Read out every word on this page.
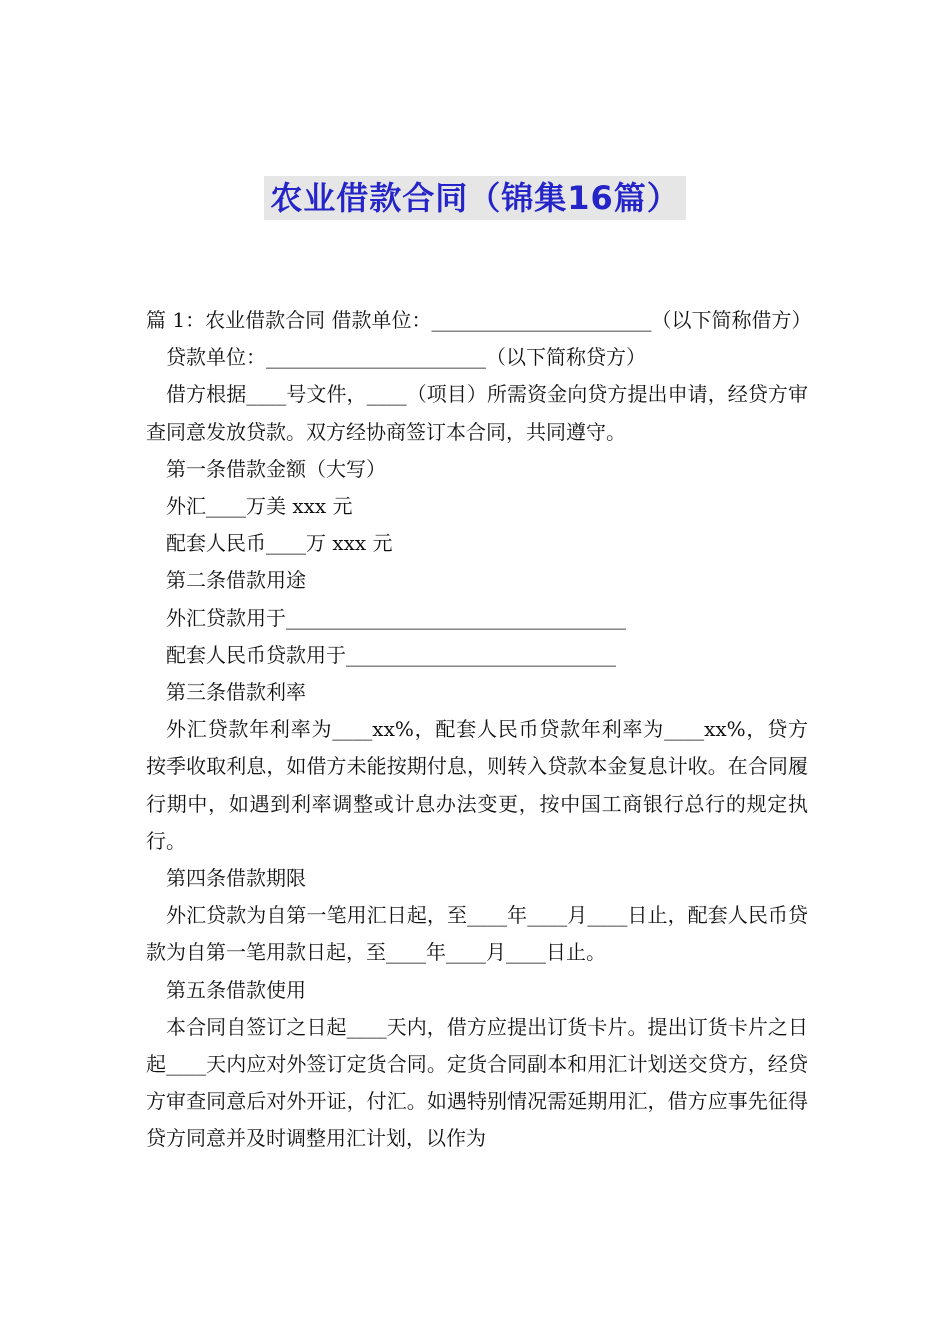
农业借款合同（锦集16篇）

篇 1：农业借款合同 借款单位：______________________（以下简称借方）

贷款单位：______________________（以下简称贷方）

借方根据____号文件，____（项目）所需资金向贷方提出申请，经贷方审查同意发放贷款。双方经协商签订本合同，共同遵守。

第一条借款金额（大写）

外汇____万美 xxx 元

配套人民币____万 xxx 元

第二条借款用途

外汇贷款用于__________________________________

配套人民币贷款用于___________________________

第三条借款利率

外汇贷款年利率为____xx%，配套人民币贷款年利率为____xx%，贷方按季收取利息，如借方未能按期付息，则转入贷款本金复息计收。在合同履行期中，如遇到利率调整或计息办法变更，按中国工商银行总行的规定执行。

第四条借款期限

外汇贷款为自第一笔用汇日起，至____年____月____日止，配套人民币贷款为自第一笔用款日起，至____年____月____日止。

第五条借款使用

本合同自签订之日起____天内，借方应提出订货卡片。提出订货卡片之日起____天内应对外签订定货合同。定货合同副本和用汇计划送交贷方，经贷方审查同意后对外开证，付汇。如遇特别情况需延期用汇，借方应事先征得贷方同意并及时调整用汇计划，以作为
